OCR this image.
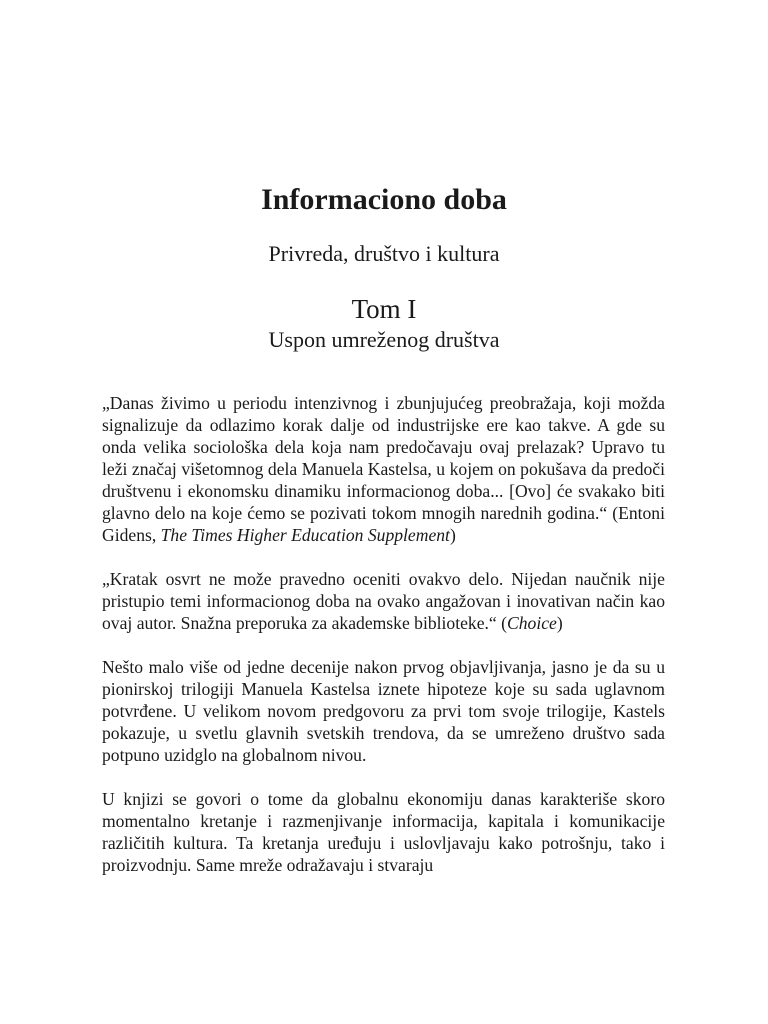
Informaciono doba
Privreda, društvo i kultura
Tom I
Uspon umreženog društva

„Danas živimo u periodu intenzivnog i zbunjujućeg preobražaja, koji možda signalizuje da odlazimo korak dalje od industrijske ere kao takve. A gde su onda velika sociološka dela koja nam predočavaju ovaj prelazak? Upravo tu leži značaj višetomnog dela Manuela Kastelsa, u kojem on pokušava da predoči društvenu i ekonomsku dinamiku informacionog doba... [Ovo] će svakako biti glavno delo na koje ćemo se pozivati tokom mnogih narednih godina.“ (Entoni Gidens, The Times Higher Education Supplement)

„Kratak osvrt ne može pravedno oceniti ovakvo delo. Nijedan naučnik nije pristupio temi informacionog doba na ovako angažovan i inovativan način kao ovaj autor. Snažna preporuka za akademske biblioteke.“ (Choice)

Nešto malo više od jedne decenije nakon prvog objavljivanja, jasno je da su u pionirskoj trilogiji Manuela Kastelsa iznete hipoteze koje su sada uglavnom potvrđene. U velikom novom predgovoru za prvi tom svoje trilogije, Kastels pokazuje, u svetlu glavnih svetskih trendova, da se umreženo društvo sada potpuno uzidglo na globalnom nivou.

U knjizi se govori o tome da globalnu ekonomiju danas karakteriše skoro momentalno kretanje i razmenjivanje informacija, kapitala i komunikacije različitih kultura. Ta kretanja uređuju i uslovljavaju kako potrošnju, tako i proizvodnju. Same mreže odražavaju i stvaraju
